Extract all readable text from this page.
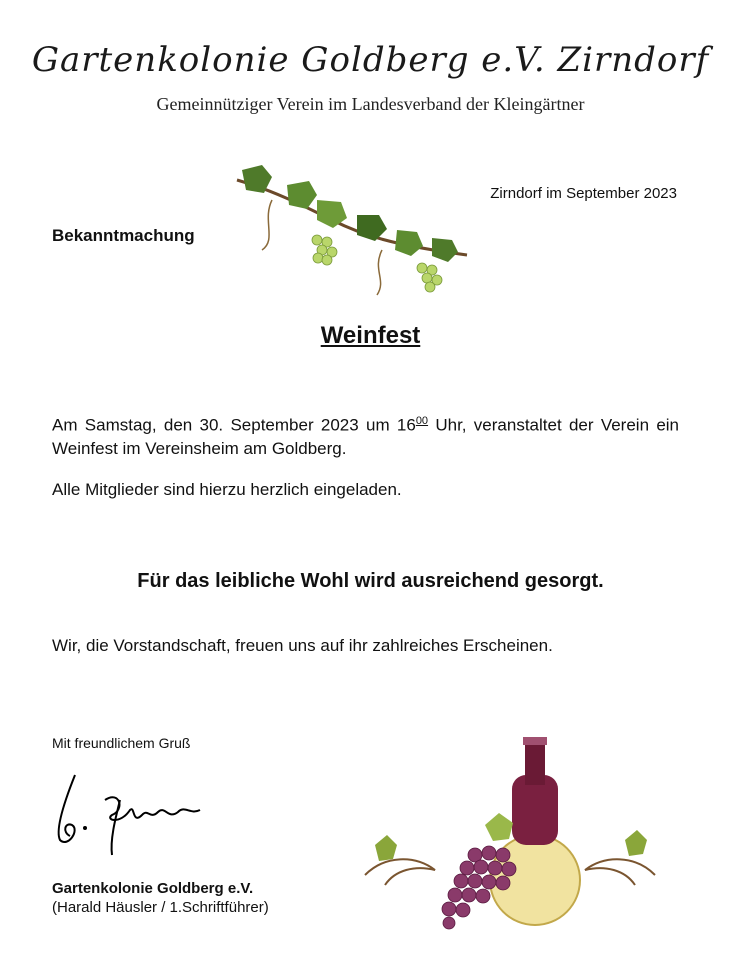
Gartenkolonie Goldberg e.V. Zirndorf
Gemeinnütziger Verein im Landesverband der Kleingärtner
Zirndorf im September 2023
Bekanntmachung
Weinfest
Am Samstag, den 30. September 2023 um $16^{00}$ Uhr, veranstaltet der Verein ein Weinfest im Vereinsheim am Goldberg.
Alle Mitglieder sind hierzu herzlich eingeladen.
Für das leibliche Wohl wird ausreichend gesorgt.
Wir, die Vorstandschaft, freuen uns auf ihr zahlreiches Erscheinen.
Mit freundlichem Gruß
Gartenkolonie Goldberg e.V.
(Harald Häusler / 1.Schriftführer)
